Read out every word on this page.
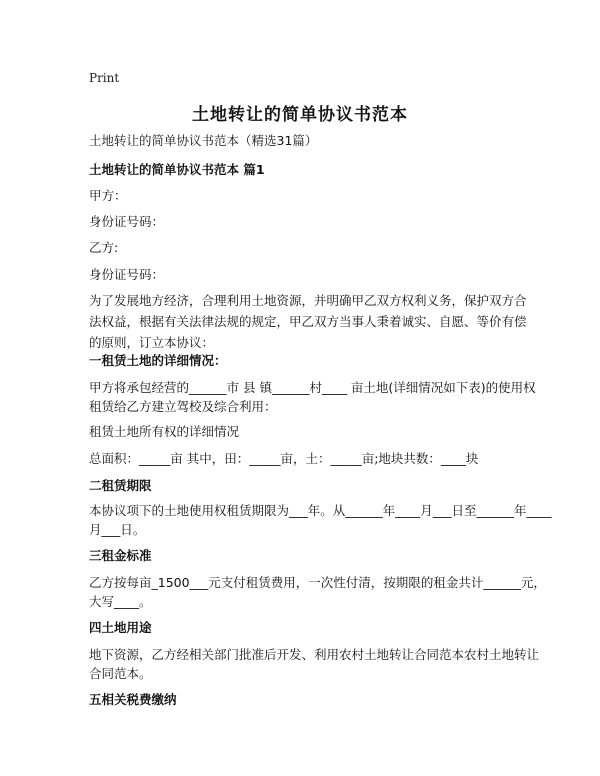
Print
土地转让的简单协议书范本
土地转让的简单协议书范本（精选31篇）
土地转让的简单协议书范本 篇1
甲方：
身份证号码：
乙方:
身份证号码：
为了发展地方经济，合理利用土地资源，并明确甲乙双方权利义务，保护双方合法权益，根据有关法律法规的规定，甲乙双方当事人秉着诚实、自愿、等价有偿的原则，订立本协议：
一租赁土地的详细情况：
甲方将承包经营的______市 县 镇______村____ 亩土地(详细情况如下表)的使用权
租赁给乙方建立驾校及综合利用：
租赁土地所有权的详细情况
总面积：_____亩 其中，田：_____亩，土：_____亩;地块共数：____块
二租赁期限
本协议项下的土地使用权租赁期限为___年。从______年____月___日至______年____
月___日。
三租金标准
乙方按每亩_1500___元支付租赁费用，一次性付清，按期限的租金共计______元，
大写____。
四土地用途
地下资源，乙方经相关部门批准后开发、利用农村土地转让合同范本农村土地转让
合同范本。
五相关税费缴纳
